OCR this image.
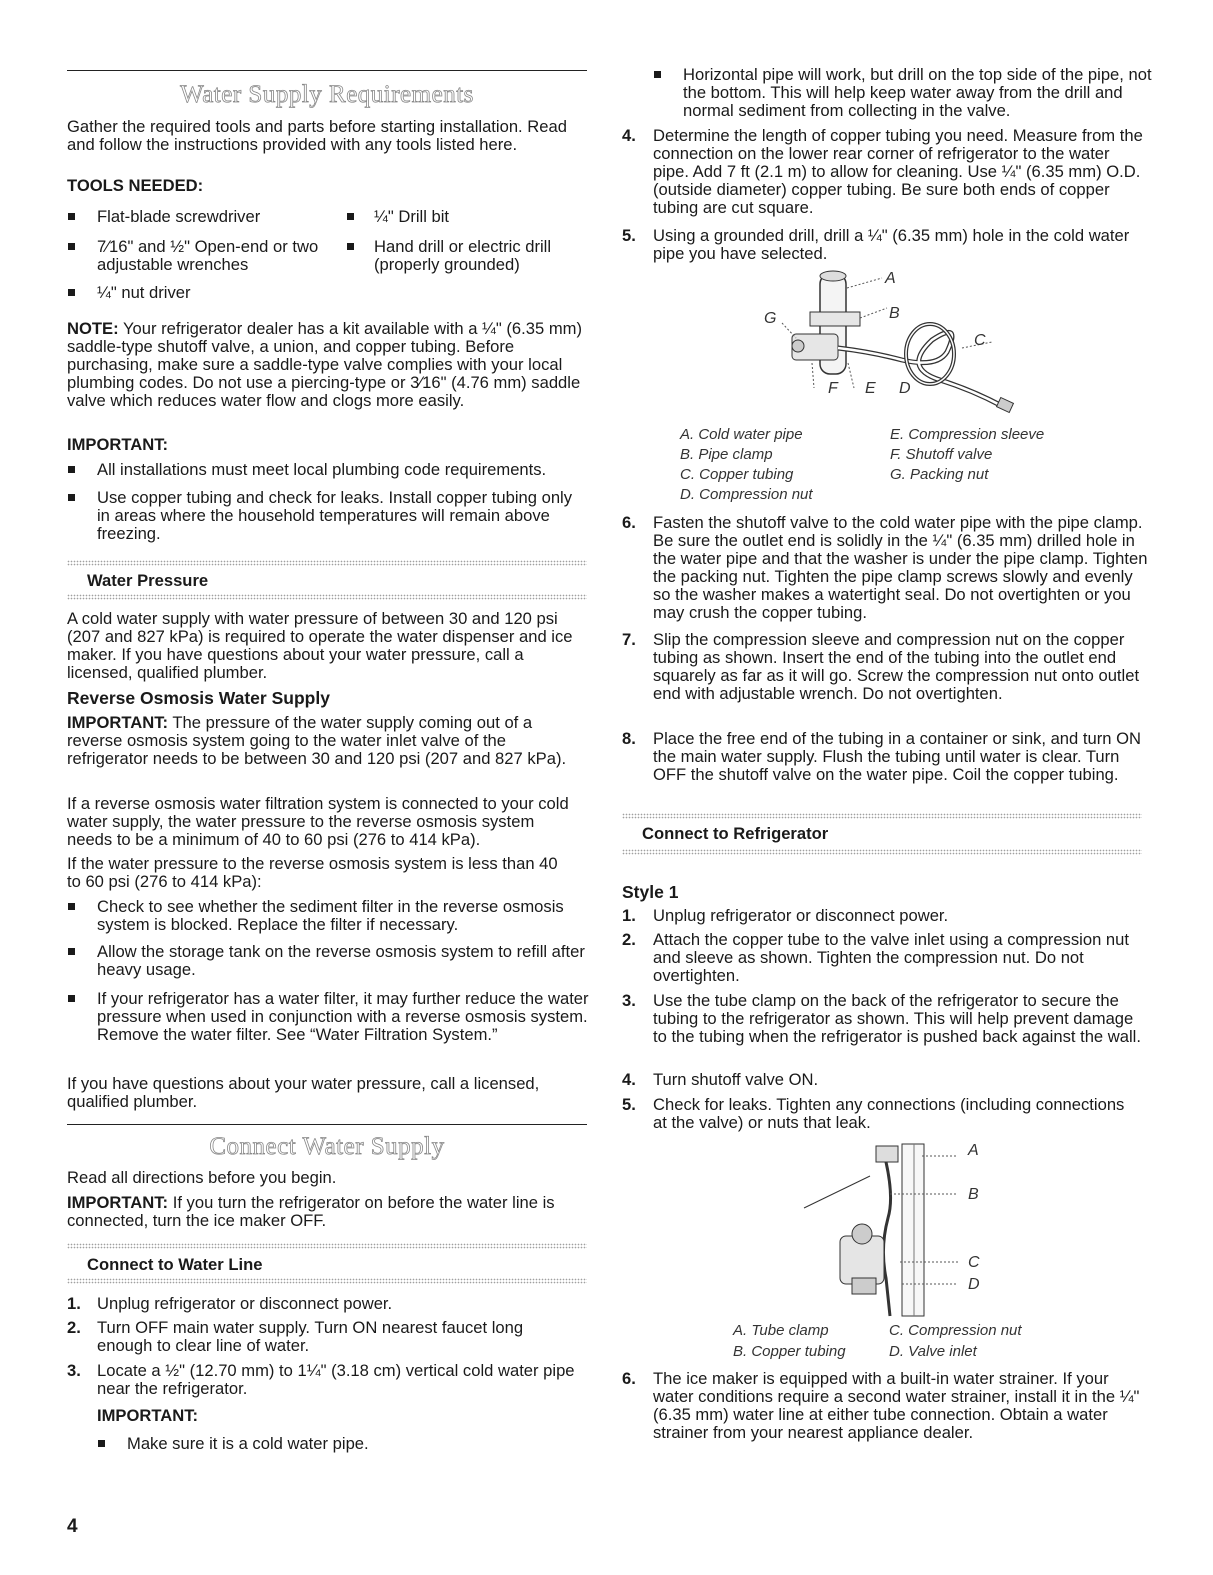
Water Supply Requirements

Gather the required tools and parts before starting installation. Read and follow the instructions provided with any tools listed here.

TOOLS NEEDED:
Flat-blade screwdriver	¼" Drill bit
7⁄16" and ½" Open-end or two adjustable wrenches
Hand drill or electric drill (properly grounded)
¼" nut driver

NOTE: Your refrigerator dealer has a kit available with a ¼" (6.35 mm) saddle-type shutoff valve, a union, and copper tubing. Before purchasing, make sure a saddle-type valve complies with your local plumbing codes. Do not use a piercing-type or 3⁄16" (4.76 mm) saddle valve which reduces water flow and clogs more easily.

IMPORTANT:
All installations must meet local plumbing code requirements.
Use copper tubing and check for leaks. Install copper tubing only in areas where the household temperatures will remain above freezing.
Water Pressure

A cold water supply with water pressure of between 30 and 120 psi (207 and 827 kPa) is required to operate the water dispenser and ice maker. If you have questions about your water pressure, call a licensed, qualified plumber.

Reverse Osmosis Water Supply

IMPORTANT: The pressure of the water supply coming out of a reverse osmosis system going to the water inlet valve of the refrigerator needs to be between 30 and 120 psi (207 and 827 kPa).

If a reverse osmosis water filtration system is connected to your cold water supply, the water pressure to the reverse osmosis system needs to be a minimum of 40 to 60 psi (276 to 414 kPa).

If the water pressure to the reverse osmosis system is less than 40 to 60 psi (276 to 414 kPa):

Check to see whether the sediment filter in the reverse osmosis system is blocked. Replace the filter if necessary.
Allow the storage tank on the reverse osmosis system to refill after heavy usage.
If your refrigerator has a water filter, it may further reduce the water pressure when used in conjunction with a reverse osmosis system. Remove the water filter. See “Water Filtration System.”

If you have questions about your water pressure, call a licensed, qualified plumber.

Connect Water Supply

Read all directions before you begin.

IMPORTANT: If you turn the refrigerator on before the water line is connected, turn the ice maker OFF.

Connect to Water Line
1. Unplug refrigerator or disconnect power.
2. Turn OFF main water supply. Turn ON nearest faucet long enough to clear line of water.
3. Locate a ½" (12.70 mm) to 1¼" (3.18 cm) vertical cold water pipe near the refrigerator.
IMPORTANT:
Make sure it is a cold water pipe.
Horizontal pipe will work, but drill on the top side of the pipe, not the bottom. This will help keep water away from the drill and normal sediment from collecting in the valve.
4. Determine the length of copper tubing you need. Measure from the connection on the lower rear corner of refrigerator to the water pipe. Add 7 ft (2.1 m) to allow for cleaning. Use ¼" (6.35 mm) O.D. (outside diameter) copper tubing. Be sure both ends of copper tubing are cut square.
5. Using a grounded drill, drill a ¼" (6.35 mm) hole in the cold water pipe you have selected.
A
B
C
D
E
F
G
A. Cold water pipe
B. Pipe clamp
C. Copper tubing
D. Compression nut
E. Compression sleeve
F. Shutoff valve
G. Packing nut
6. Fasten the shutoff valve to the cold water pipe with the pipe clamp. Be sure the outlet end is solidly in the ¼" (6.35 mm) drilled hole in the water pipe and that the washer is under the pipe clamp. Tighten the packing nut. Tighten the pipe clamp screws slowly and evenly so the washer makes a watertight seal. Do not overtighten or you may crush the copper tubing.
7. Slip the compression sleeve and compression nut on the copper tubing as shown. Insert the end of the tubing into the outlet end squarely as far as it will go. Screw the compression nut onto outlet end with adjustable wrench. Do not overtighten.
8. Place the free end of the tubing in a container or sink, and turn ON the main water supply. Flush the tubing until water is clear. Turn OFF the shutoff valve on the water pipe. Coil the copper tubing.
Connect to Refrigerator
Style 1
1. Unplug refrigerator or disconnect power.
2. Attach the copper tube to the valve inlet using a compression nut and sleeve as shown. Tighten the compression nut. Do not overtighten.
3. Use the tube clamp on the back of the refrigerator to secure the tubing to the refrigerator as shown. This will help prevent damage to the tubing when the refrigerator is pushed back against the wall.
4. Turn shutoff valve ON.
5. Check for leaks. Tighten any connections (including connections at the valve) or nuts that leak.
A
B
C
D
A. Tube clamp
B. Copper tubing
C. Compression nut
D. Valve inlet
6. The ice maker is equipped with a built-in water strainer. If your water conditions require a second water strainer, install it in the ¼" (6.35 mm) water line at either tube connection. Obtain a water strainer from your nearest appliance dealer.
4
